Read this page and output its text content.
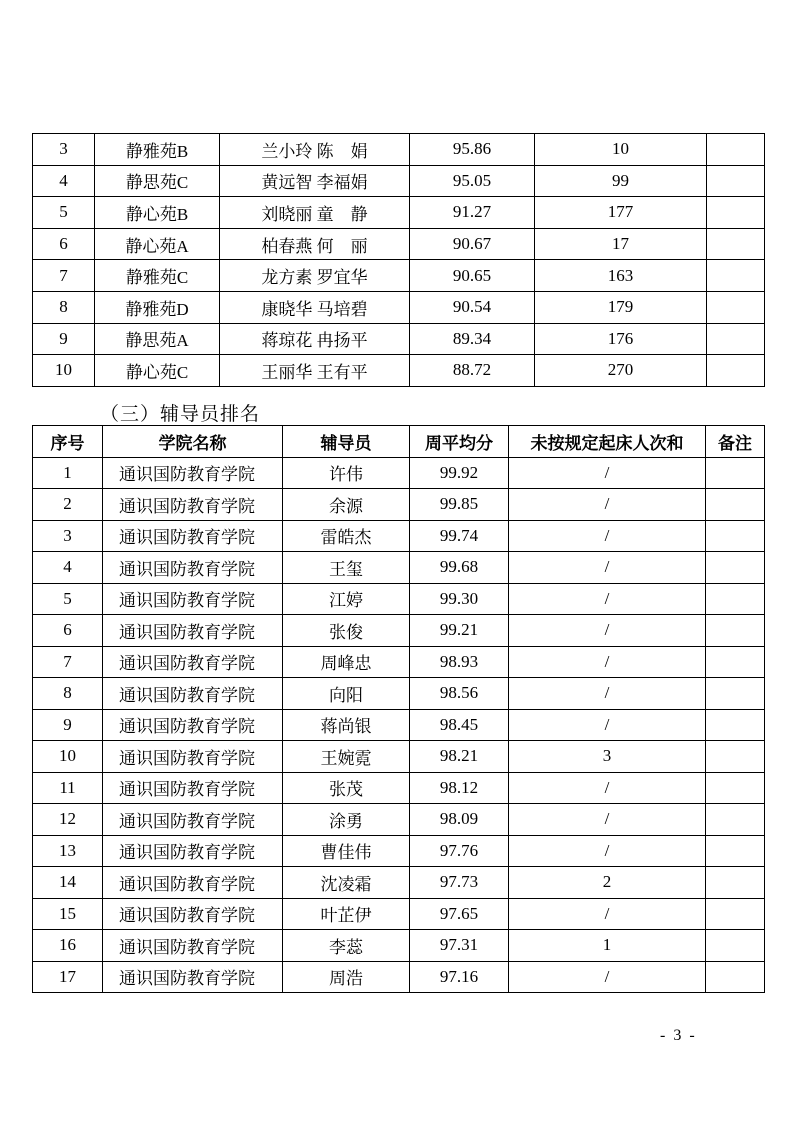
3	静雅苑B	兰小玲 陈　娟	95.86	10	
4	静思苑C	黄远智 李福娟	95.05	99	
5	静心苑B	刘晓丽 童　静	91.27	177	
6	静心苑A	柏春燕 何　丽	90.67	17	
7	静雅苑C	龙方素 罗宜华	90.65	163	
8	静雅苑D	康晓华 马培碧	90.54	179	
9	静思苑A	蒋琼花 冉扬平	89.34	176	
10	静心苑C	王丽华 王有平	88.72	270	
（三）辅导员排名
序号	学院名称	辅导员	周平均分	未按规定起床人次和	备注
1	通识国防教育学院	许伟	99.92	/	
2	通识国防教育学院	余源	99.85	/	
3	通识国防教育学院	雷皓杰	99.74	/	
4	通识国防教育学院	王玺	99.68	/	
5	通识国防教育学院	江婷	99.30	/	
6	通识国防教育学院	张俊	99.21	/	
7	通识国防教育学院	周峰忠	98.93	/	
8	通识国防教育学院	向阳	98.56	/	
9	通识国防教育学院	蒋尚银	98.45	/	
10	通识国防教育学院	王婉霓	98.21	3	
11	通识国防教育学院	张茂	98.12	/	
12	通识国防教育学院	涂勇	98.09	/	
13	通识国防教育学院	曹佳伟	97.76	/	
14	通识国防教育学院	沈凌霜	97.73	2	
15	通识国防教育学院	叶芷伊	97.65	/	
16	通识国防教育学院	李蕊	97.31	1	
17	通识国防教育学院	周浩	97.16	/	
- 3 -
